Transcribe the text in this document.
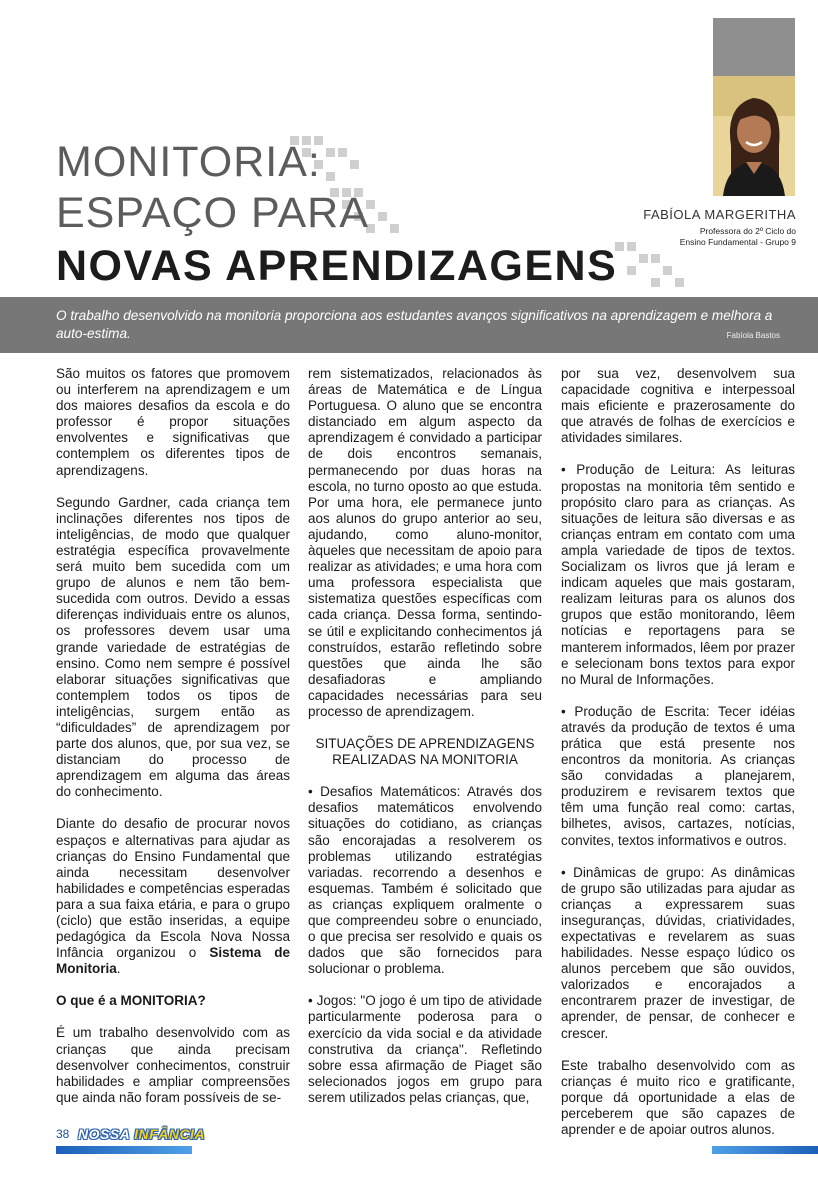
MONITORIA:
ESPAÇO PARA
NOVAS APRENDIZAGENS
FABÍOLA MARGERITHA
Professora do 2º Ciclo do
Ensino Fundamental - Grupo 9
O trabalho desenvolvido na monitoria proporciona aos estudantes avanços significativos na aprendizagem e melhora a auto-estima.	Fabíola Bastos

São muitos os fatores que promovem ou interferem na aprendizagem e um dos maiores desafios da escola e do professor é propor situações envolventes e significativas que contemplem os diferentes tipos de aprendizagens.

Segundo Gardner, cada criança tem inclinações diferentes nos tipos de inteligências, de modo que qualquer estratégia específica provavelmente será muito bem sucedida com um grupo de alunos e nem tão bem-sucedida com outros. Devido a essas diferenças individuais entre os alunos, os professores devem usar uma grande variedade de estratégias de ensino. Como nem sempre é possível elaborar situações significativas que contemplem todos os tipos de inteligências, surgem então as “dificuldades” de aprendizagem por parte dos alunos, que, por sua vez, se distanciam do processo de aprendizagem em alguma das áreas do conhecimento.

Diante do desafio de procurar novos espaços e alternativas para ajudar as crianças do Ensino Fundamental que ainda necessitam desenvolver habilidades e competências esperadas para a sua faixa etária, e para o grupo (ciclo) que estão inseridas, a equipe pedagógica da Escola Nova Nossa Infância organizou o Sistema de Monitoria.

O que é a MONITORIA?

É um trabalho desenvolvido com as crianças que ainda precisam desenvolver conhecimentos, construir habilidades e ampliar compreensões que ainda não foram possíveis de se-

rem sistematizados, relacionados às áreas de Matemática e de Língua Portuguesa. O aluno que se encontra distanciado em algum aspecto da aprendizagem é convidado a participar de dois encontros semanais, permanecendo por duas horas na escola, no turno oposto ao que estuda. Por uma hora, ele permanece junto aos alunos do grupo anterior ao seu, ajudando, como aluno-monitor, àqueles que necessitam de apoio para realizar as atividades; e uma hora com uma professora especialista que sistematiza questões específicas com cada criança. Dessa forma, sentindo-se útil e explicitando conhecimentos já construídos, estarão refletindo sobre questões que ainda lhe são desafiadoras e ampliando capacidades necessárias para seu processo de aprendizagem.

SITUAÇÕES DE APRENDIZAGENS REALIZADAS NA MONITORIA

• Desafios Matemáticos: Através dos desafios matemáticos envolvendo situações do cotidiano, as crianças são encorajadas a resolverem os problemas utilizando estratégias variadas. recorrendo a desenhos e esquemas. Também é solicitado que as crianças expliquem oralmente o que compreendeu sobre o enunciado, o que precisa ser resolvido e quais os dados que são fornecidos para solucionar o problema.

• Jogos: "O jogo é um tipo de atividade particularmente poderosa para o exercício da vida social e da atividade construtiva da criança". Refletindo sobre essa afirmação de Piaget são selecionados jogos em grupo para serem utilizados pelas crianças, que,

por sua vez, desenvolvem sua capacidade cognitiva e interpessoal mais eficiente e prazerosamente do que através de folhas de exercícios e atividades similares.

• Produção de Leitura: As leituras propostas na monitoria têm sentido e propósito claro para as crianças. As situações de leitura são diversas e as crianças entram em contato com uma ampla variedade de tipos de textos. Socializam os livros que já leram e indicam aqueles que mais gostaram, realizam leituras para os alunos dos grupos que estão monitorando, lêem notícias e reportagens para se manterem informados, lêem por prazer e selecionam bons textos para expor no Mural de Informações.

• Produção de Escrita: Tecer idéias através da produção de textos é uma prática que está presente nos encontros da monitoria. As crianças são convidadas a planejarem, produzirem e revisarem textos que têm uma função real como: cartas, bilhetes, avisos, cartazes, notícias, convites, textos informativos e outros.

• Dinâmicas de grupo: As dinâmicas de grupo são utilizadas para ajudar as crianças a expressarem suas inseguranças, dúvidas, criatividades, expectativas e revelarem as suas habilidades. Nesse espaço lúdico os alunos percebem que são ouvidos, valorizados e encorajados a encontrarem prazer de investigar, de aprender, de pensar, de conhecer e crescer.

Este trabalho desenvolvido com as crianças é muito rico e gratificante, porque dá oportunidade a elas de perceberem que são capazes de aprender e de apoiar outros alunos.

38 NOSSA INFÂNCIA
